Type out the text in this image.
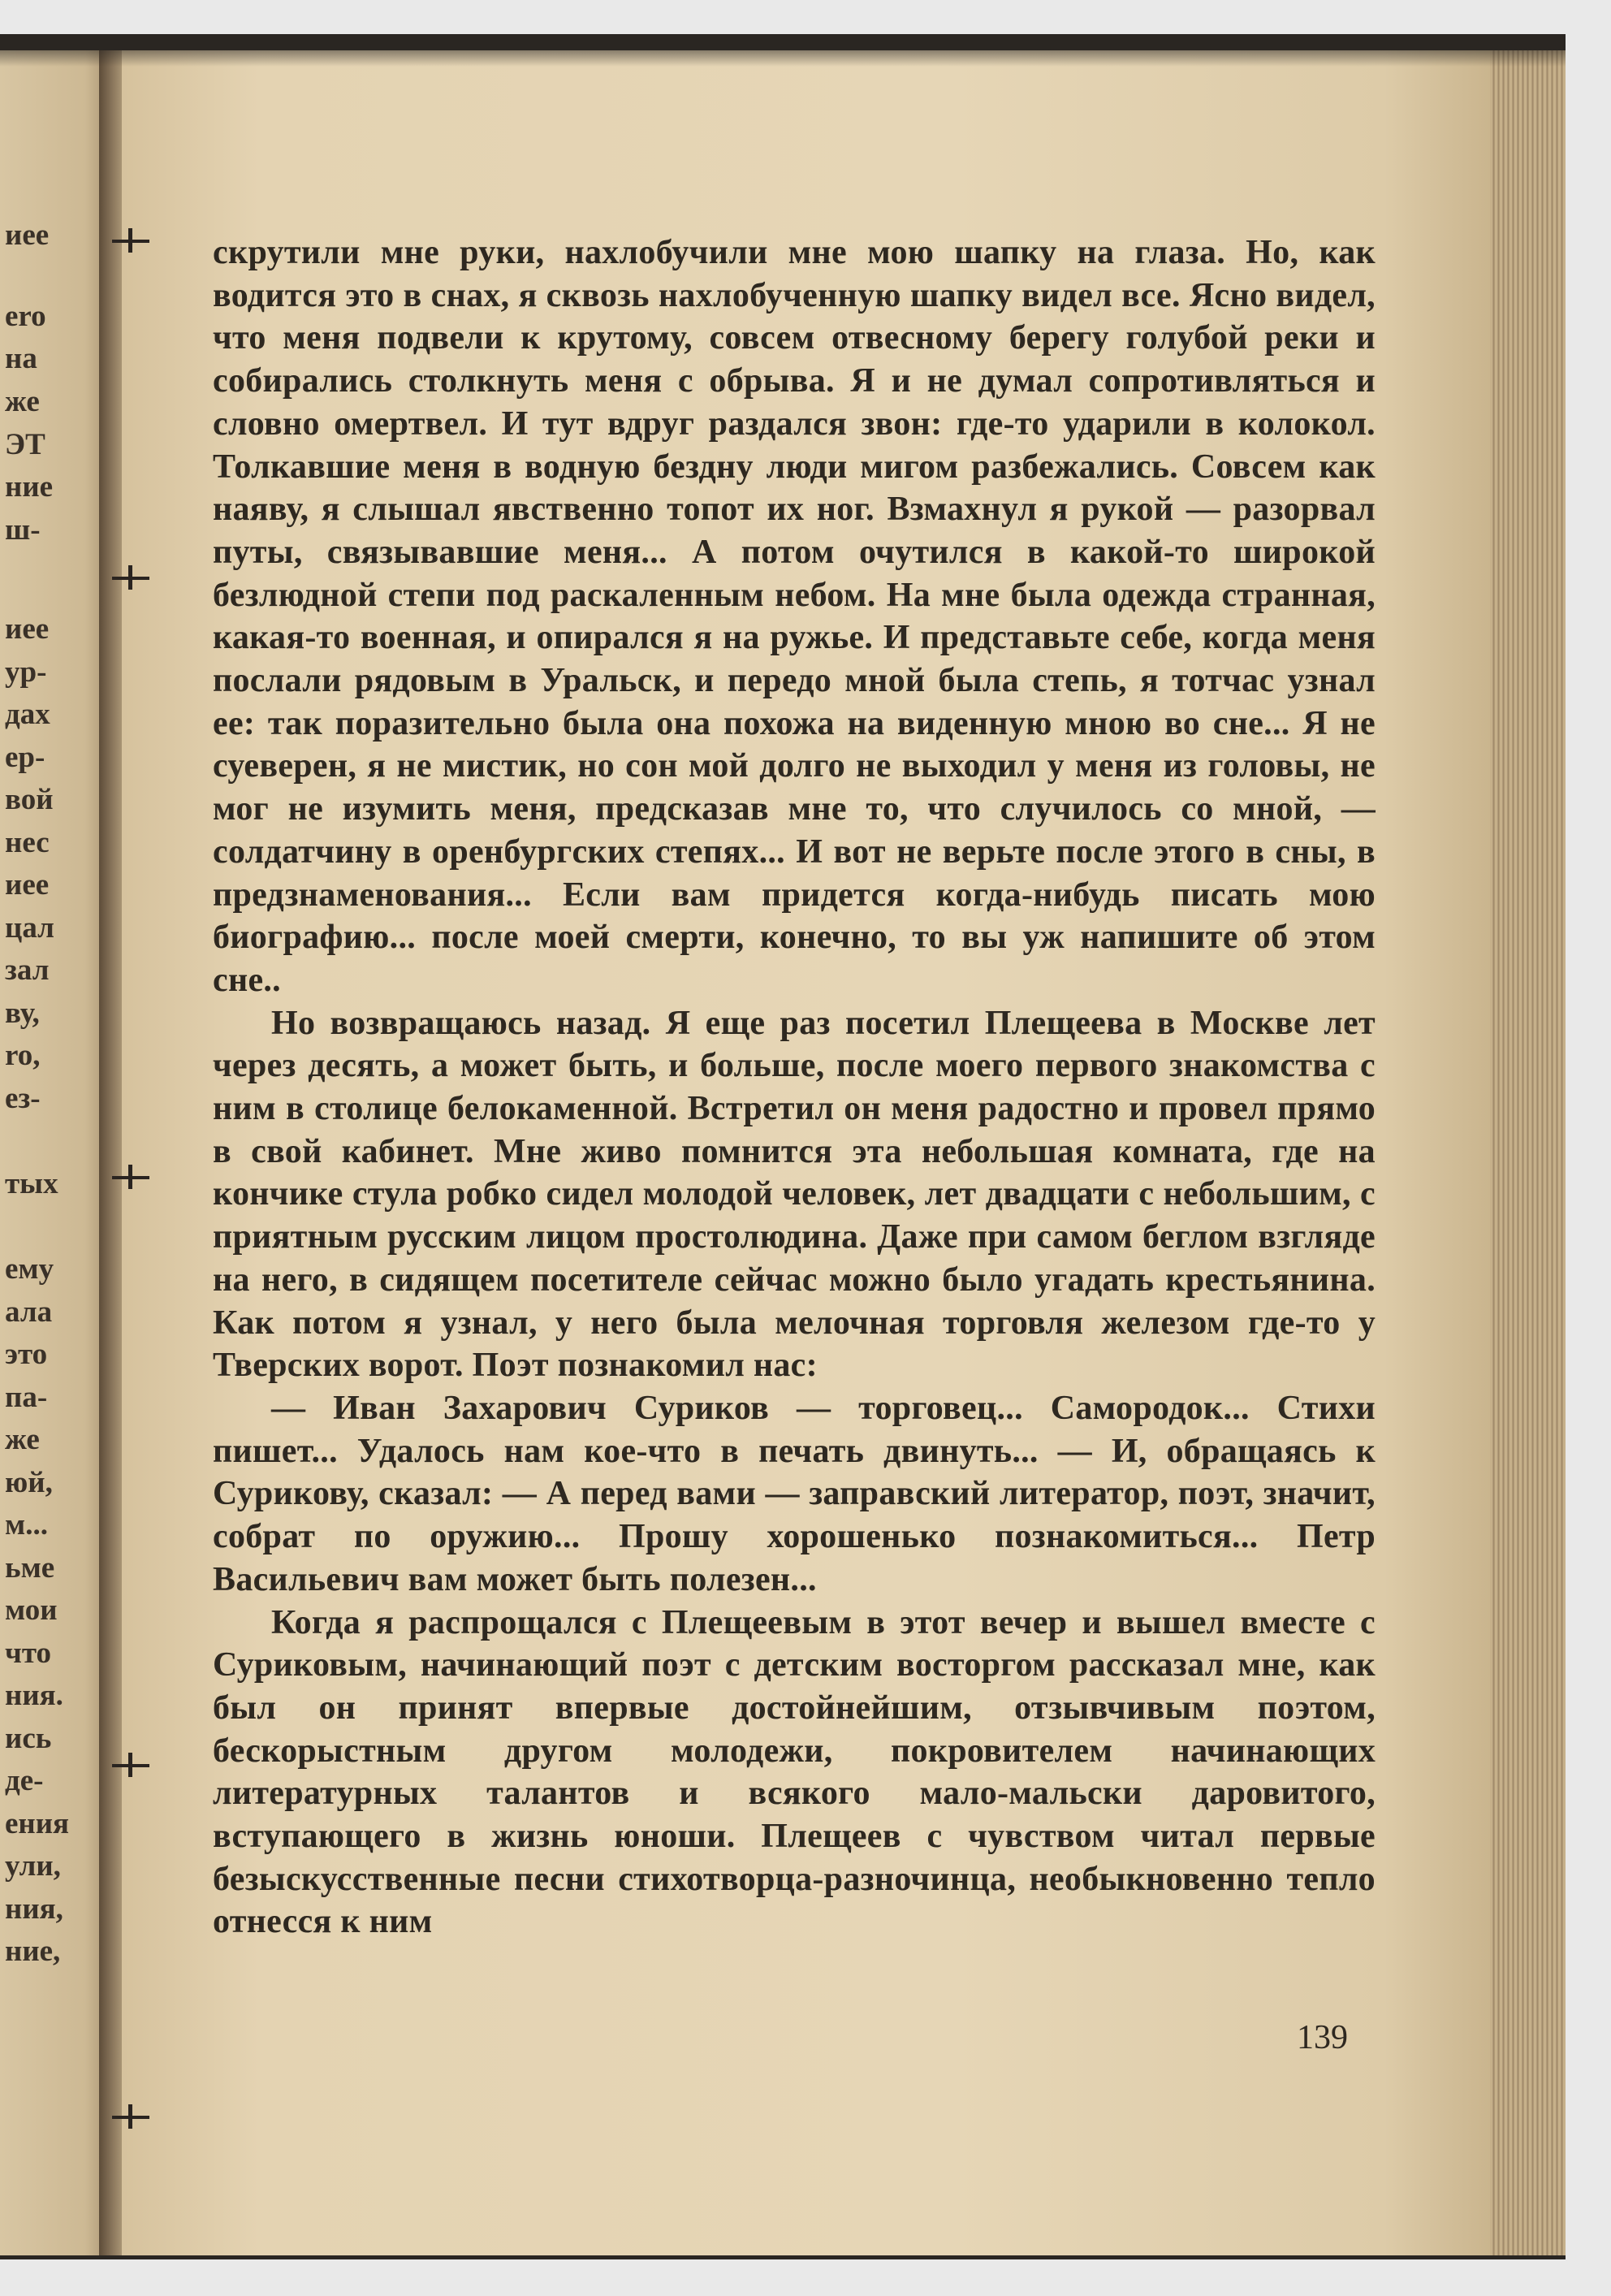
иее
ero
на
же
ЭТ
ние
ш-
иее
yp-
дах
ep-
вой
нес
иее
цал
зал
ву,
ro,
ез-
тых
ему
ала
это
па-
же
юй,
м...
ьме
мои
что
ния.
ись
де-
ения
ули,
ния,
ние,

скрутили мне руки, нахлобучили мне мою шапку на глаза. Но, как водится это в снах, я сквозь нахлобученную шапку видел все. Ясно видел, что меня подвели к крутому, совсем отвесному берегу голубой реки и собирались столкнуть меня с обрыва. Я и не думал сопротивляться и словно омертвел. И тут вдруг раздался звон: где-то ударили в колокол. Толкавшие меня в водную бездну люди мигом разбежались. Совсем как наяву, я слышал явственно топот их ног. Взмахнул я рукой — разорвал путы, связывавшие меня... А потом очутился в какой-то широкой безлюдной степи под раскаленным небом. На мне была одежда странная, какая-то военная, и опирался я на ружье. И представьте себе, когда меня послали рядовым в Уральск, и передо мной была степь, я тотчас узнал ее: так поразительно была она похожа на виденную мною во сне... Я не суеверен, я не мистик, но сон мой долго не выходил у меня из головы, не мог не изумить меня, предсказав мне то, что случилось со мной, — солдатчину в оренбургских степях... И вот не верьте после этого в сны, в предзнаменования... Если вам придется когда-нибудь писать мою биографию... после моей смерти, конечно, то вы уж напишите об этом сне..

Но возвращаюсь назад. Я еще раз посетил Плещеева в Москве лет через десять, а может быть, и больше, после моего первого знакомства с ним в столице белокаменной. Встретил он меня радостно и провел прямо в свой кабинет. Мне живо помнится эта небольшая комната, где на кончике стула робко сидел молодой человек, лет двадцати с небольшим, с приятным русским лицом простолюдина. Даже при самом беглом взгляде на него, в сидящем посетителе сейчас можно было угадать крестьянина. Как потом я узнал, у него была мелочная торговля железом где-то у Тверских ворот. Поэт познакомил нас:

— Иван Захарович Суриков — торговец... Самородок... Стихи пишет... Удалось нам кое-что в печать двинуть... — И, обращаясь к Сурикову, сказал: — А перед вами — заправский литератор, поэт, значит, собрат по оружию... Прошу хорошенько познакомиться... Петр Васильевич вам может быть полезен...

Когда я распрощался с Плещеевым в этот вечер и вышел вместе с Суриковым, начинающий поэт с детским восторгом рассказал мне, как был он принят впервые достойнейшим, отзывчивым поэтом, бескорыстным другом молодежи, покровителем начинающих литературных талантов и всякого мало-мальски даровитого, вступающего в жизнь юноши. Плещеев с чувством читал первые безыскусственные песни стихотворца-разночинца, необыкновенно тепло отнесся к ним

139
